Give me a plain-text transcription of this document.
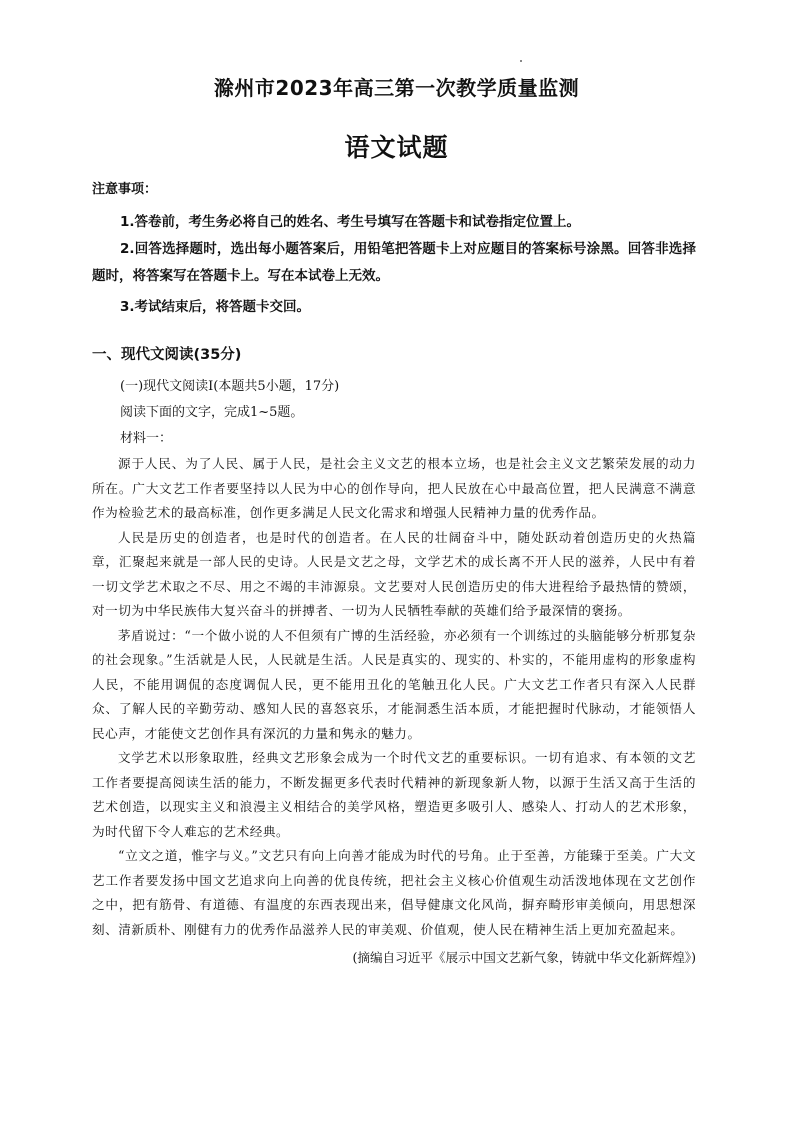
滁州市2023年高三第一次教学质量监测
语文试题

注意事项：

1.答卷前，考生务必将自己的姓名、考生号填写在答题卡和试卷指定位置上。

2.回答选择题时，选出每小题答案后，用铅笔把答题卡上对应题目的答案标号涂黑。回答非选择题时，将答案写在答题卡上。写在本试卷上无效。

3.考试结束后，将答题卡交回。

一、现代文阅读(35分)

(一)现代文阅读I(本题共5小题，17分)

阅读下面的文字，完成1~5题。

材料一：

源于人民、为了人民、属于人民，是社会主义文艺的根本立场，也是社会主义文艺繁荣发展的动力所在。广大文艺工作者要坚持以人民为中心的创作导向，把人民放在心中最高位置，把人民满意不满意作为检验艺术的最高标准，创作更多满足人民文化需求和增强人民精神力量的优秀作品。

人民是历史的创造者，也是时代的创造者。在人民的壮阔奋斗中，随处跃动着创造历史的火热篇章，汇聚起来就是一部人民的史诗。人民是文艺之母，文学艺术的成长离不开人民的滋养，人民中有着一切文学艺术取之不尽、用之不竭的丰沛源泉。文艺要对人民创造历史的伟大进程给予最热情的赞颂，对一切为中华民族伟大复兴奋斗的拼搏者、一切为人民牺牲奉献的英雄们给予最深情的褒扬。

茅盾说过：“一个做小说的人不但须有广博的生活经验，亦必须有一个训练过的头脑能够分析那复杂的社会现象。”生活就是人民，人民就是生活。人民是真实的、现实的、朴实的，不能用虚构的形象虚构人民，不能用调侃的态度调侃人民，更不能用丑化的笔触丑化人民。广大文艺工作者只有深入人民群众、了解人民的辛勤劳动、感知人民的喜怒哀乐，才能洞悉生活本质，才能把握时代脉动，才能领悟人民心声，才能使文艺创作具有深沉的力量和隽永的魅力。

文学艺术以形象取胜，经典文艺形象会成为一个时代文艺的重要标识。一切有追求、有本领的文艺工作者要提高阅读生活的能力，不断发掘更多代表时代精神的新现象新人物，以源于生活又高于生活的艺术创造，以现实主义和浪漫主义相结合的美学风格，塑造更多吸引人、感染人、打动人的艺术形象，为时代留下令人难忘的艺术经典。

“立文之道，惟字与义。”文艺只有向上向善才能成为时代的号角。止于至善，方能臻于至美。广大文艺工作者要发扬中国文艺追求向上向善的优良传统，把社会主义核心价值观生动活泼地体现在文艺创作之中，把有筋骨、有道德、有温度的东西表现出来，倡导健康文化风尚，摒弃畸形审美倾向，用思想深刻、清新质朴、刚健有力的优秀作品滋养人民的审美观、价值观，使人民在精神生活上更加充盈起来。

(摘编自习近平《展示中国文艺新气象，铸就中华文化新辉煌》)
